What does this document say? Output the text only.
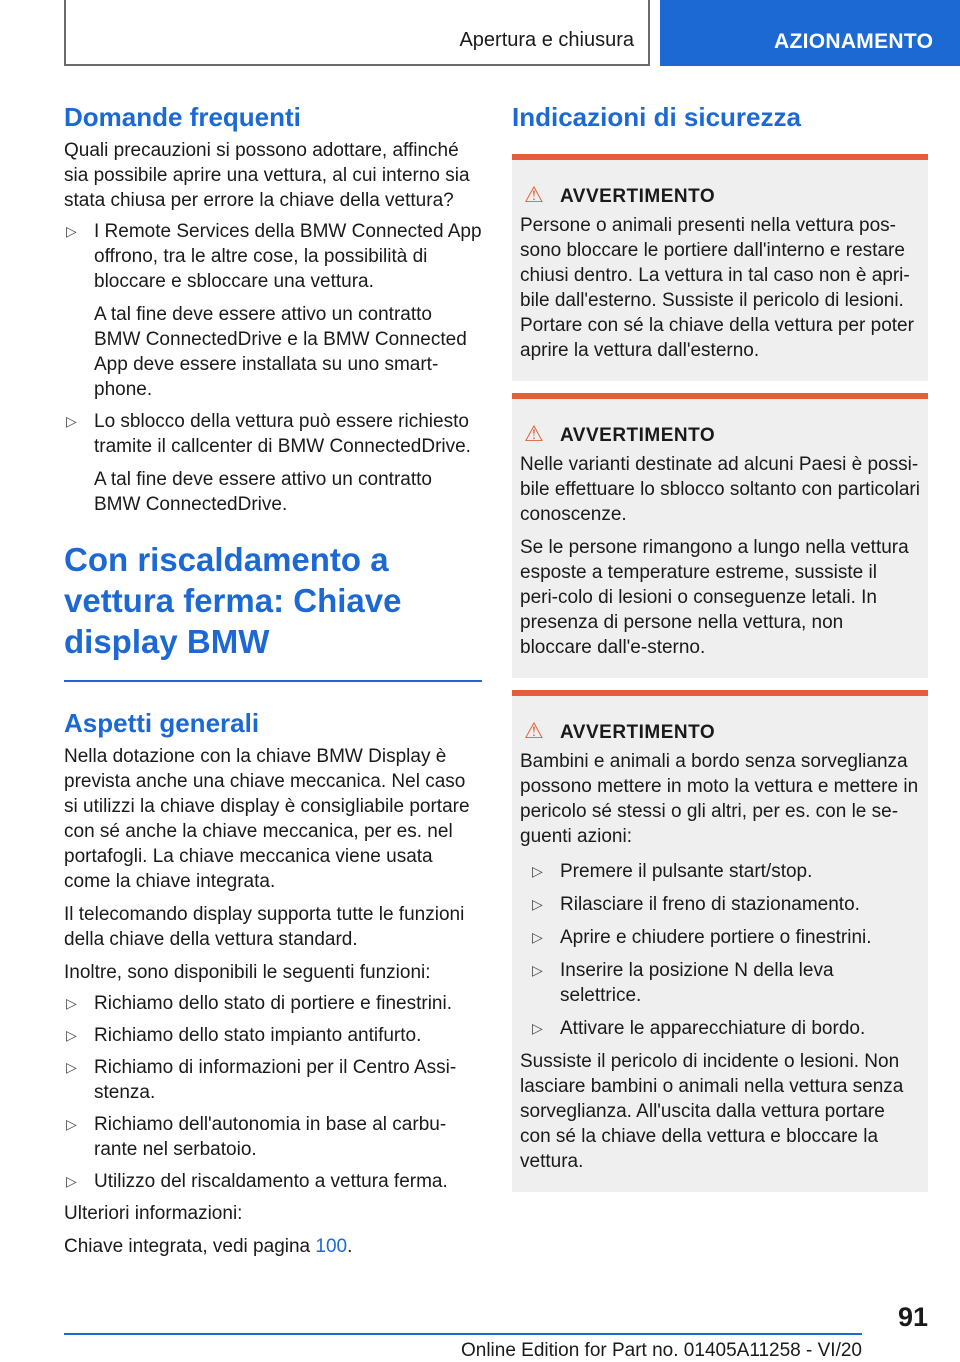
Apertura e chiusura	AZIONAMENTO
Domande frequenti

Quali precauzioni si possono adottare, affinché sia possibile aprire una vettura, al cui interno sia stata chiusa per errore la chiave della vettura?

▷ I Remote Services della BMW Connected App offrono, tra le altre cose, la possibilità di bloccare e sbloccare una vettura.

A tal fine deve essere attivo un contratto BMW ConnectedDrive e la BMW Connected App deve essere installata su uno smart-phone.

▷ Lo sblocco della vettura può essere richiesto tramite il callcenter di BMW ConnectedDrive.

A tal fine deve essere attivo un contratto BMW ConnectedDrive.

Con riscaldamento a vettura ferma: Chiave display BMW
Aspetti generali

Nella dotazione con la chiave BMW Display è prevista anche una chiave meccanica. Nel caso si utilizzi la chiave display è consigliabile portare con sé anche la chiave meccanica, per es. nel portafogli. La chiave meccanica viene usata come la chiave integrata.

Il telecomando display supporta tutte le funzioni della chiave della vettura standard.

Inoltre, sono disponibili le seguenti funzioni:

▷ Richiamo dello stato di portiere e finestrini.
▷ Richiamo dello stato impianto antifurto.
▷ Richiamo di informazioni per il Centro Assi-stenza.
▷ Richiamo dell'autonomia in base al carbu-rante nel serbatoio.
▷ Utilizzo del riscaldamento a vettura ferma.

Ulteriori informazioni:

Chiave integrata, vedi pagina 100.

Indicazioni di sicurezza
⚠ AVVERTIMENTO

Persone o animali presenti nella vettura pos-sono bloccare le portiere dall'interno e restare chiusi dentro. La vettura in tal caso non è apri-bile dall'esterno. Sussiste il pericolo di lesioni. Portare con sé la chiave della vettura per poter aprire la vettura dall'esterno.

⚠ AVVERTIMENTO

Nelle varianti destinate ad alcuni Paesi è possi-bile effettuare lo sblocco soltanto con particolari conoscenze.

Se le persone rimangono a lungo nella vettura esposte a temperature estreme, sussiste il peri-colo di lesioni o conseguenze letali. In presenza di persone nella vettura, non bloccare dall'e-sterno.

⚠ AVVERTIMENTO

Bambini e animali a bordo senza sorveglianza possono mettere in moto la vettura e mettere in pericolo sé stessi o gli altri, per es. con le se-guenti azioni:

▷ Premere il pulsante start/stop.
▷ Rilasciare il freno di stazionamento.
▷ Aprire e chiudere portiere o finestrini.
▷ Inserire la posizione N della leva selettrice.
▷ Attivare le apparecchiature di bordo.

Sussiste il pericolo di incidente o lesioni. Non lasciare bambini o animali nella vettura senza sorveglianza. All'uscita dalla vettura portare con sé la chiave della vettura e bloccare la vettura.

91
Online Edition for Part no. 01405A11258 - VI/20
